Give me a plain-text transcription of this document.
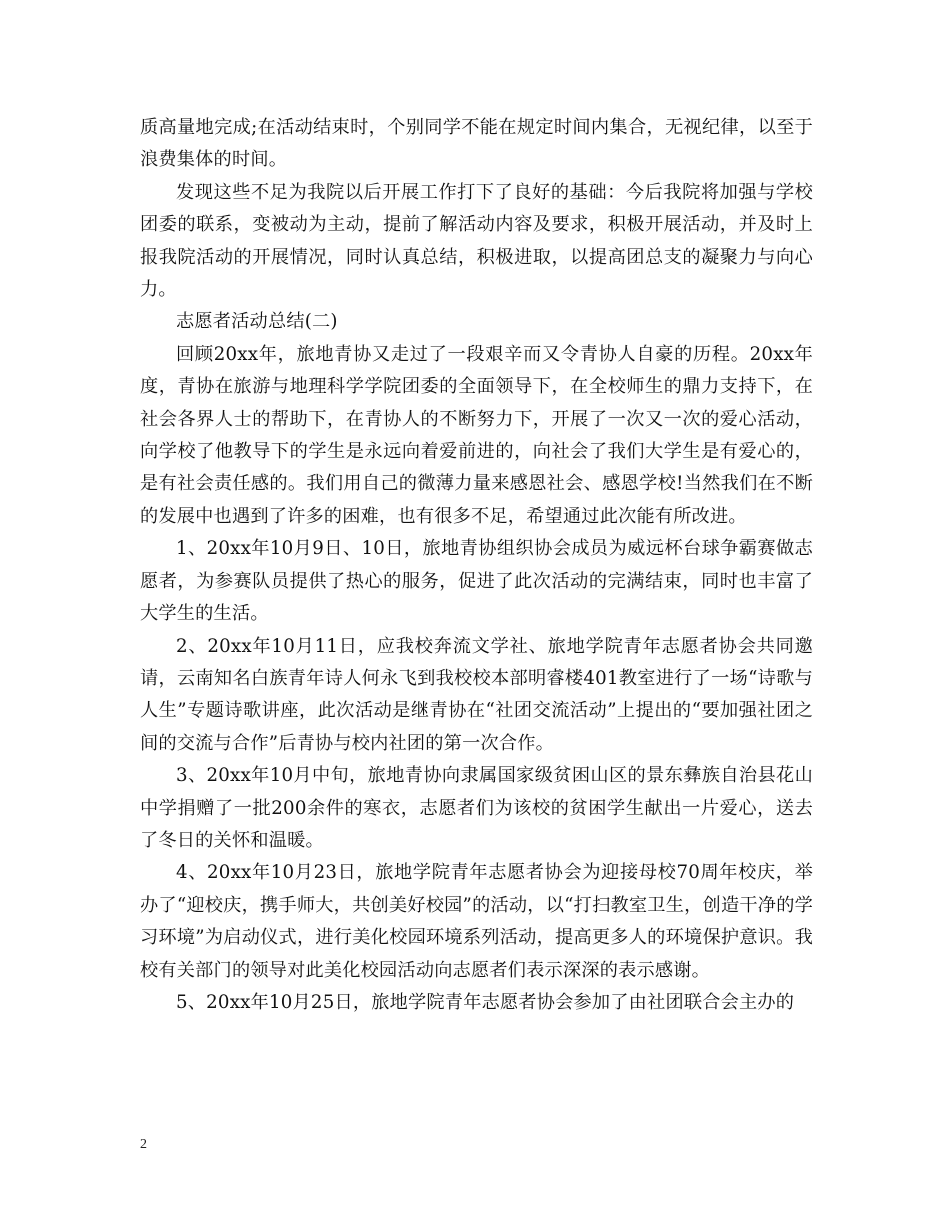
质高量地完成;在活动结束时，个别同学不能在规定时间内集合，无视纪律，以至于浪费集体的时间。

发现这些不足为我院以后开展工作打下了良好的基础：今后我院将加强与学校团委的联系，变被动为主动，提前了解活动内容及要求，积极开展活动，并及时上报我院活动的开展情况，同时认真总结，积极进取，以提高团总支的凝聚力与向心力。

志愿者活动总结(二)

回顾20xx年，旅地青协又走过了一段艰辛而又令青协人自豪的历程。20xx年度，青协在旅游与地理科学学院团委的全面领导下，在全校师生的鼎力支持下，在社会各界人士的帮助下，在青协人的不断努力下，开展了一次又一次的爱心活动，向学校了他教导下的学生是永远向着爱前进的，向社会了我们大学生是有爱心的，是有社会责任感的。我们用自己的微薄力量来感恩社会、感恩学校!当然我们在不断的发展中也遇到了许多的困难，也有很多不足，希望通过此次能有所改进。

1、20xx年10月9日、10日，旅地青协组织协会成员为威远杯台球争霸赛做志愿者，为参赛队员提供了热心的服务，促进了此次活动的完满结束，同时也丰富了大学生的生活。

2、20xx年10月11日，应我校奔流文学社、旅地学院青年志愿者协会共同邀请，云南知名白族青年诗人何永飞到我校校本部明睿楼401教室进行了一场“诗歌与人生”专题诗歌讲座，此次活动是继青协在“社团交流活动”上提出的“要加强社团之间的交流与合作”后青协与校内社团的第一次合作。

3、20xx年10月中旬，旅地青协向隶属国家级贫困山区的景东彝族自治县花山中学捐赠了一批200余件的寒衣，志愿者们为该校的贫困学生献出一片爱心，送去了冬日的关怀和温暖。

4、20xx年10月23日，旅地学院青年志愿者协会为迎接母校70周年校庆，举办了“迎校庆，携手师大，共创美好校园”的活动，以“打扫教室卫生，创造干净的学习环境”为启动仪式，进行美化校园环境系列活动，提高更多人的环境保护意识。我校有关部门的领导对此美化校园活动向志愿者们表示深深的表示感谢。

5、20xx年10月25日，旅地学院青年志愿者协会参加了由社团联合会主办的

2
